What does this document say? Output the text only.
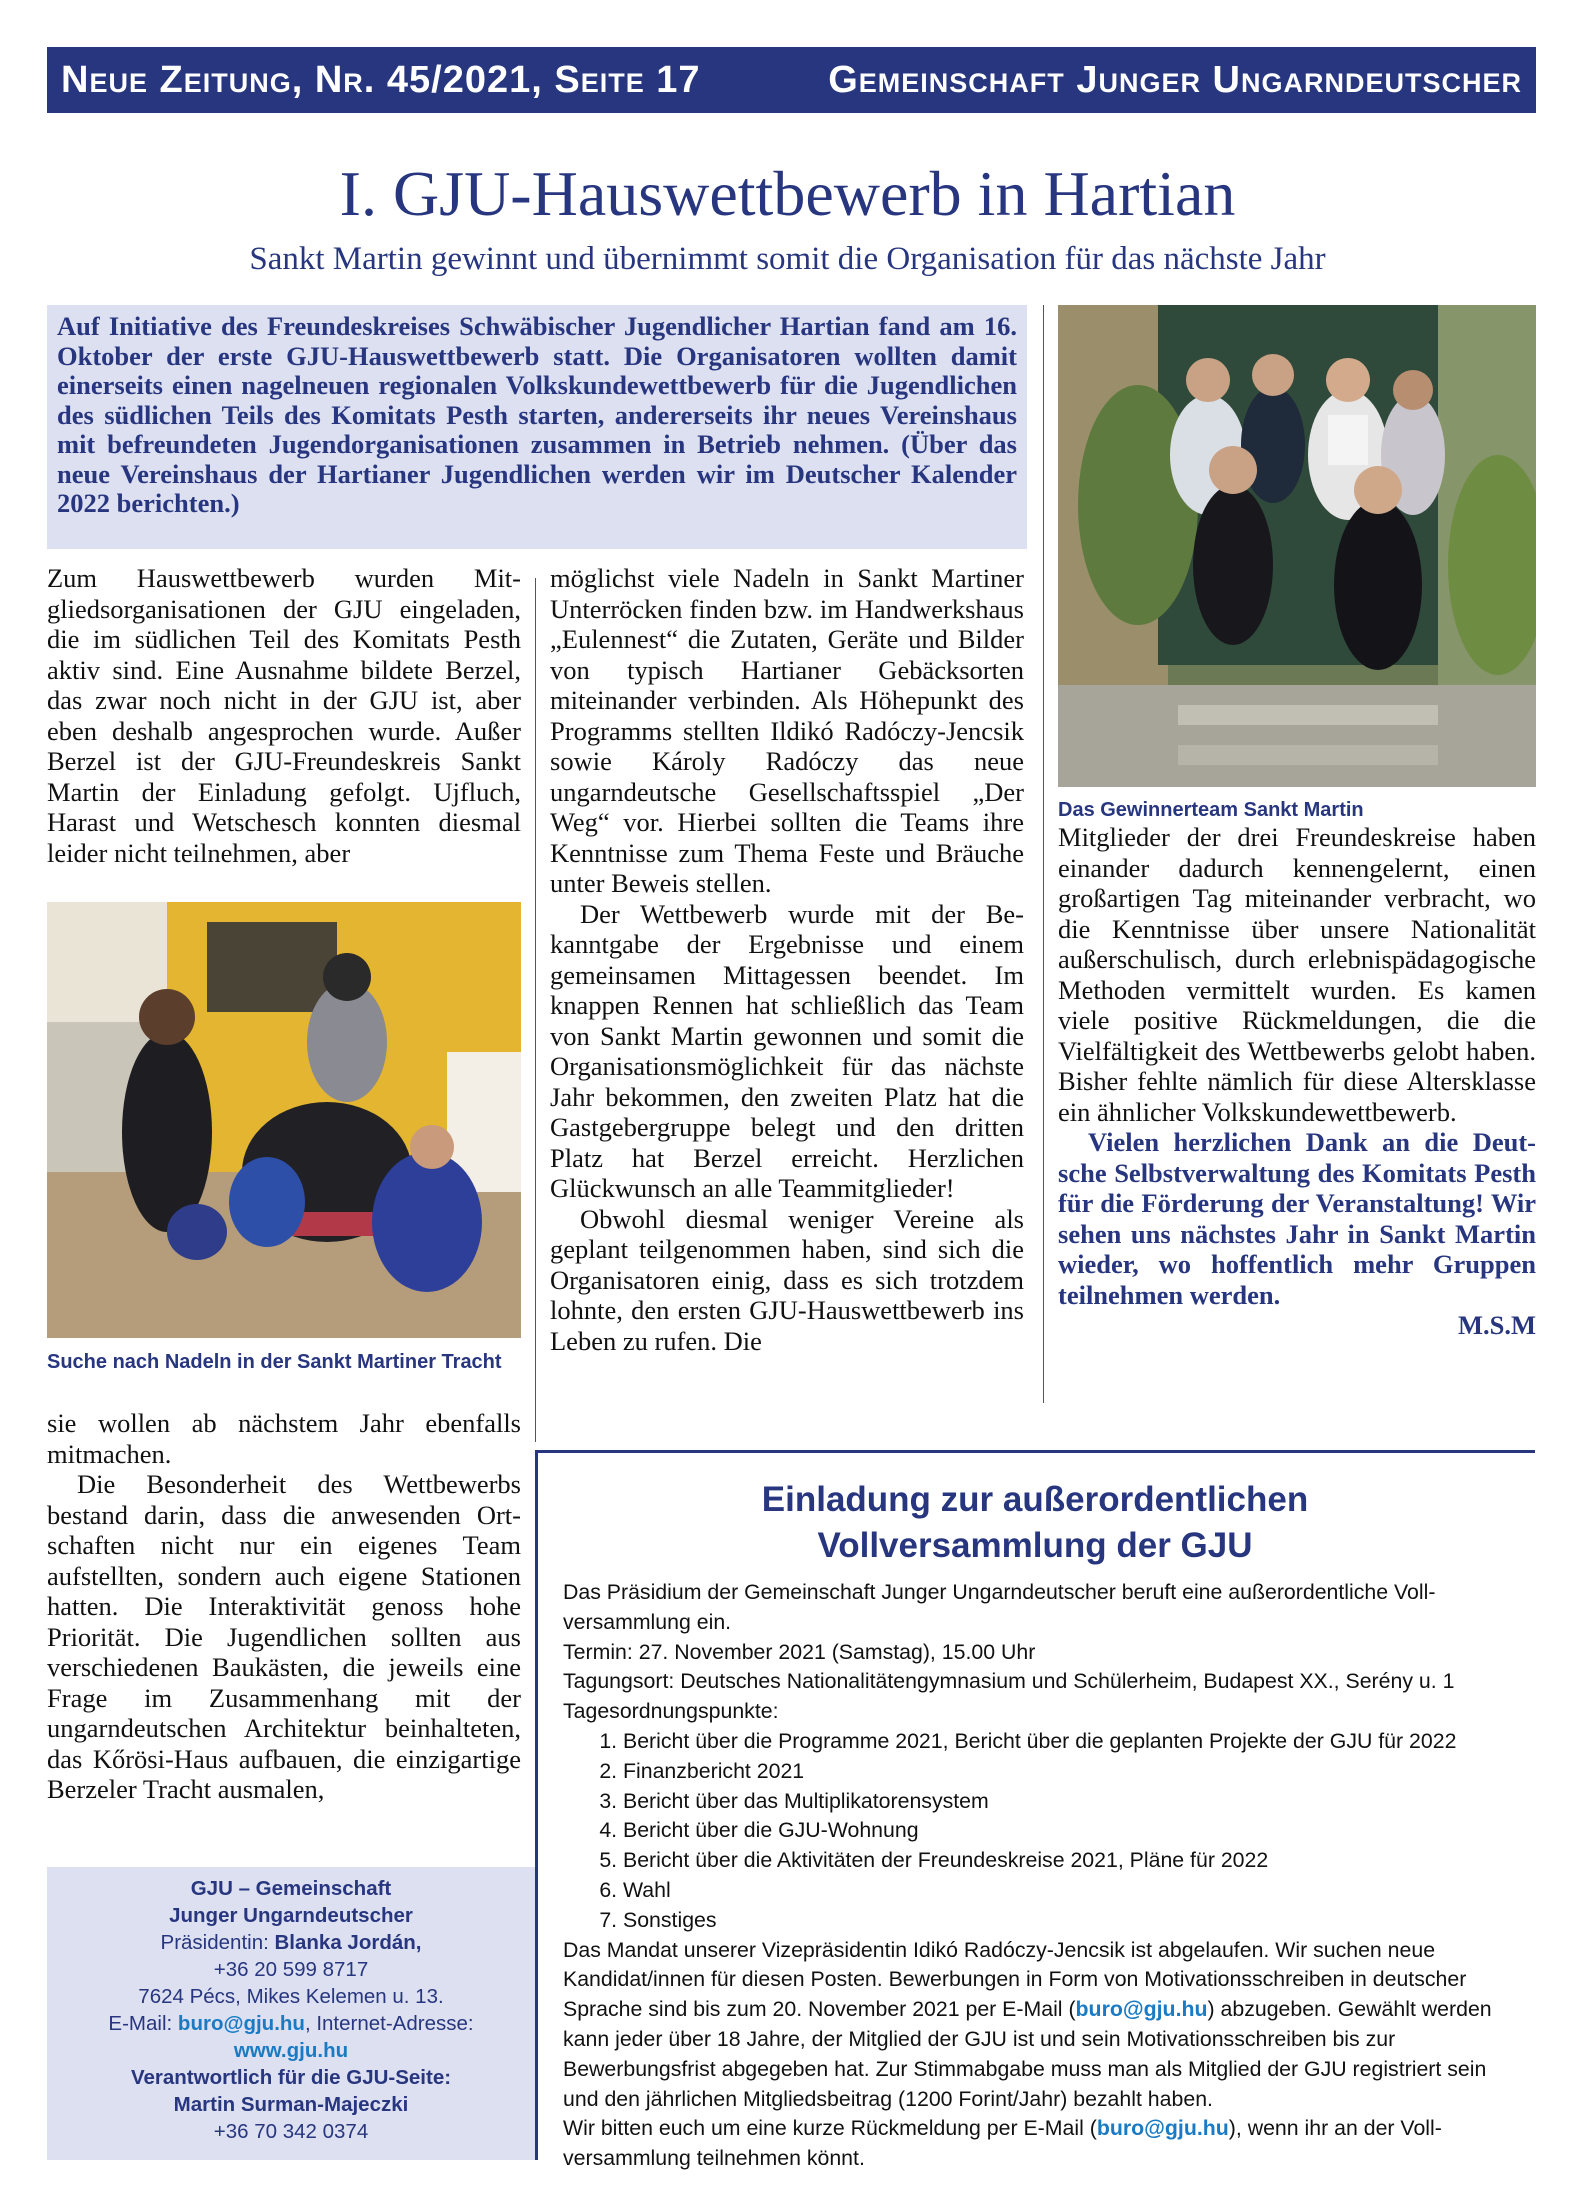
Neue Zeitung, Nr. 45/2021, Seite 17	Gemeinschaft Junger Ungarndeutscher
I. GJU-Hauswettbewerb in Hartian
Sankt Martin gewinnt und übernimmt somit die Organisation für das nächste Jahr
Auf Initiative des Freundeskreises Schwäbischer Jugendlicher Hartian fand am 16. Oktober der erste GJU-Hauswettbewerb statt. Die Organisatoren wollten damit einerseits einen nagelneuen regionalen Volkskundewettbewerb für die Jugendlichen des südlichen Teils des Komitats Pesth starten, andererseits ihr neues Vereinshaus mit befreundeten Jugendorganisationen zusammen in Betrieb nehmen. (Über das neue Vereinshaus der Hartianer Jugendlichen werden wir im Deutscher Kalender 2022 berichten.)

Zum Hauswettbewerb wurden Mitgliedsorganisationen der GJU eingeladen, die im südlichen Teil des Komitats Pesth aktiv sind. Eine Ausnahme bildete Berzel, das zwar noch nicht in der GJU ist, aber eben deshalb angesprochen wurde. Außer Berzel ist der GJU-Freundeskreis Sankt Martin der Einladung gefolgt. Ujfluch, Harast und Wetschesch konnten diesmal leider nicht teilnehmen, aber

Suche nach Nadeln in der Sankt Martiner Tracht

sie wollen ab nächstem Jahr ebenfalls mitmachen.

Die Besonderheit des Wettbewerbs bestand darin, dass die anwesenden Ortschaften nicht nur ein eigenes Team aufstellten, sondern auch eigene Stationen hatten. Die Interaktivität genoss hohe Priorität. Die Jugendlichen sollten aus verschiedenen Baukästen, die jeweils eine Frage im Zusammenhang mit der ungarndeutschen Architektur beinhalteten, das Kőrösi-Haus aufbauen, die einzigartige Berzeler Tracht ausmalen,

möglichst viele Nadeln in Sankt Martiner Unterröcken finden bzw. im Handwerkshaus „Eulennest“ die Zutaten, Geräte und Bilder von typisch Hartianer Gebäcksorten miteinander verbinden. Als Höhepunkt des Programms stellten Ildikó Radóczy-Jencsik sowie Károly Radóczy das neue ungarndeutsche Gesellschaftsspiel „Der Weg“ vor. Hierbei sollten die Teams ihre Kenntnisse zum Thema Feste und Bräuche unter Beweis stellen.

Der Wettbewerb wurde mit der Bekanntgabe der Ergebnisse und einem gemeinsamen Mittagessen beendet. Im knappen Rennen hat schließlich das Team von Sankt Martin gewonnen und somit die Organisationsmöglichkeit für das nächste Jahr bekommen, den zweiten Platz hat die Gastgebergruppe belegt und den dritten Platz hat Berzel erreicht. Herzlichen Glückwunsch an alle Teammitglieder!

Obwohl diesmal weniger Vereine als geplant teilgenommen haben, sind sich die Organisatoren einig, dass es sich trotzdem lohnte, den ersten GJU-Hauswettbewerb ins Leben zu rufen. Die

Das Gewinnerteam Sankt Martin

Mitglieder der drei Freundeskreise haben einander dadurch kennengelernt, einen großartigen Tag miteinander verbracht, wo die Kenntnisse über unsere Nationalität außerschulisch, durch erlebnispädagogische Methoden vermittelt wurden. Es kamen viele positive Rückmeldungen, die die Vielfältigkeit des Wettbewerbs gelobt haben. Bisher fehlte nämlich für diese Altersklasse ein ähnlicher Volkskundewettbewerb.

Vielen herzlichen Dank an die Deutsche Selbstverwaltung des Komitats Pesth für die Förderung der Veranstaltung! Wir sehen uns nächstes Jahr in Sankt Martin wieder, wo hoffentlich mehr Gruppen teilnehmen werden.

M.S.M

GJU – Gemeinschaft
Junger Ungarndeutscher
Präsidentin: Blanka Jordán,
+36 20 599 8717
7624 Pécs, Mikes Kelemen u. 13.
E-Mail: buro@gju.hu, Internet-Adresse:
www.gju.hu
Verantwortlich für die GJU-Seite:
Martin Surman-Majeczki
+36 70 342 0374
Einladung zur außerordentlichen
Vollversammlung der GJU

Das Präsidium der Gemeinschaft Junger Ungarndeutscher beruft eine außerordentliche Vollversammlung ein.

Termin: 27. November 2021 (Samstag), 15.00 Uhr

Tagungsort: Deutsches Nationalitätengymnasium und Schülerheim, Budapest XX., Serény u. 1

Tagesordnungspunkte:

1. Bericht über die Programme 2021, Bericht über die geplanten Projekte der GJU für 2022
2. Finanzbericht 2021
3. Bericht über das Multiplikatorensystem
4. Bericht über die GJU-Wohnung
5. Bericht über die Aktivitäten der Freundeskreise 2021, Pläne für 2022
6. Wahl
7. Sonstiges

Das Mandat unserer Vizepräsidentin Idikó Radóczy-Jencsik ist abgelaufen. Wir suchen neue Kandidat/innen für diesen Posten. Bewerbungen in Form von Motivationsschreiben in deutscher Sprache sind bis zum 20. November 2021 per E-Mail (buro@gju.hu) abzugeben. Gewählt werden kann jeder über 18 Jahre, der Mitglied der GJU ist und sein Motivationsschreiben bis zur Bewerbungsfrist abgegeben hat. Zur Stimmabgabe muss man als Mitglied der GJU registriert sein und den jährlichen Mitgliedsbeitrag (1200 Forint/Jahr) bezahlt haben.

Wir bitten euch um eine kurze Rückmeldung per E-Mail (buro@gju.hu), wenn ihr an der Vollversammlung teilnehmen könnt.
